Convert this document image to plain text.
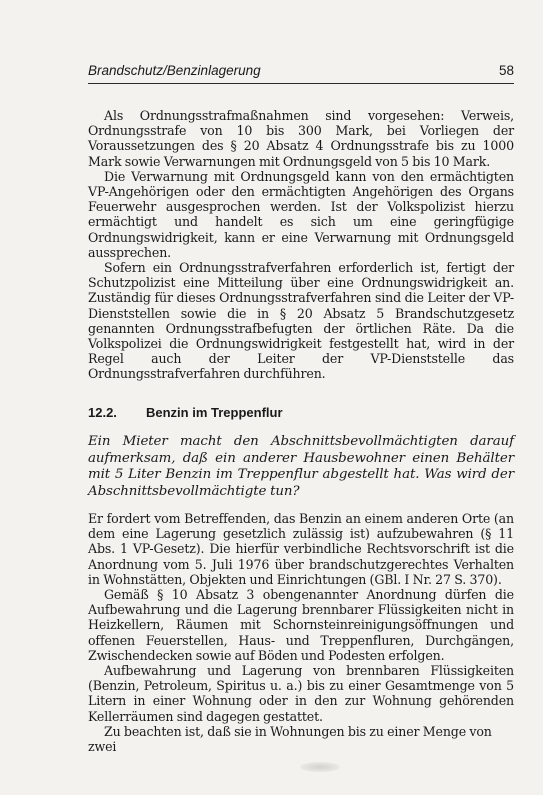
Brandschutz/Benzinlagerung	58

Als Ordnungsstrafmaßnahmen sind vorgesehen: Verweis, Ordnungsstrafe von 10 bis 300 Mark, bei Vorliegen der Voraussetzungen des § 20 Absatz 4 Ordnungsstrafe bis zu 1000 Mark sowie Verwarnungen mit Ordnungsgeld von 5 bis 10 Mark.

Die Verwarnung mit Ordnungsgeld kann von den ermächtigten VP-Angehörigen oder den ermächtigten Angehörigen des Organs Feuerwehr ausgesprochen werden. Ist der Volkspolizist hierzu ermächtigt und handelt es sich um eine geringfügige Ordnungswidrigkeit, kann er eine Verwarnung mit Ordnungsgeld aussprechen.

Sofern ein Ordnungsstrafverfahren erforderlich ist, fertigt der Schutzpolizist eine Mitteilung über eine Ordnungswidrigkeit an. Zuständig für dieses Ordnungsstrafverfahren sind die Leiter der VP-Dienststellen sowie die in § 20 Absatz 5 Brandschutzgesetz genannten Ordnungsstrafbefugten der örtlichen Räte. Da die Volkspolizei die Ordnungswidrigkeit festgestellt hat, wird in der Regel auch der Leiter der VP-Dienststelle das Ordnungsstrafverfahren durchführen.

12.2. Benzin im Treppenflur

Ein Mieter macht den Abschnittsbevollmächtigten darauf aufmerksam, daß ein anderer Hausbewohner einen Behälter mit 5 Liter Benzin im Treppenflur abgestellt hat. Was wird der Abschnittsbevollmächtigte tun?

Er fordert vom Betreffenden, das Benzin an einem anderen Orte (an dem eine Lagerung gesetzlich zulässig ist) aufzubewahren (§ 11 Abs. 1 VP-Gesetz). Die hierfür verbindliche Rechtsvorschrift ist die Anordnung vom 5. Juli 1976 über brandschutzgerechtes Verhalten in Wohnstätten, Objekten und Einrichtungen (GBl. I Nr. 27 S. 370).

Gemäß § 10 Absatz 3 obengenannter Anordnung dürfen die Aufbewahrung und die Lagerung brennbarer Flüssigkeiten nicht in Heizkellern, Räumen mit Schornsteinreinigungsöffnungen und offenen Feuerstellen, Haus- und Treppenfluren, Durchgängen, Zwischendecken sowie auf Böden und Podesten erfolgen.

Aufbewahrung und Lagerung von brennbaren Flüssigkeiten (Benzin, Petroleum, Spiritus u. a.) bis zu einer Gesamtmenge von 5 Litern in einer Wohnung oder in den zur Wohnung gehörenden Kellerräumen sind dagegen gestattet.

Zu beachten ist, daß sie in Wohnungen bis zu einer Menge von zwei
